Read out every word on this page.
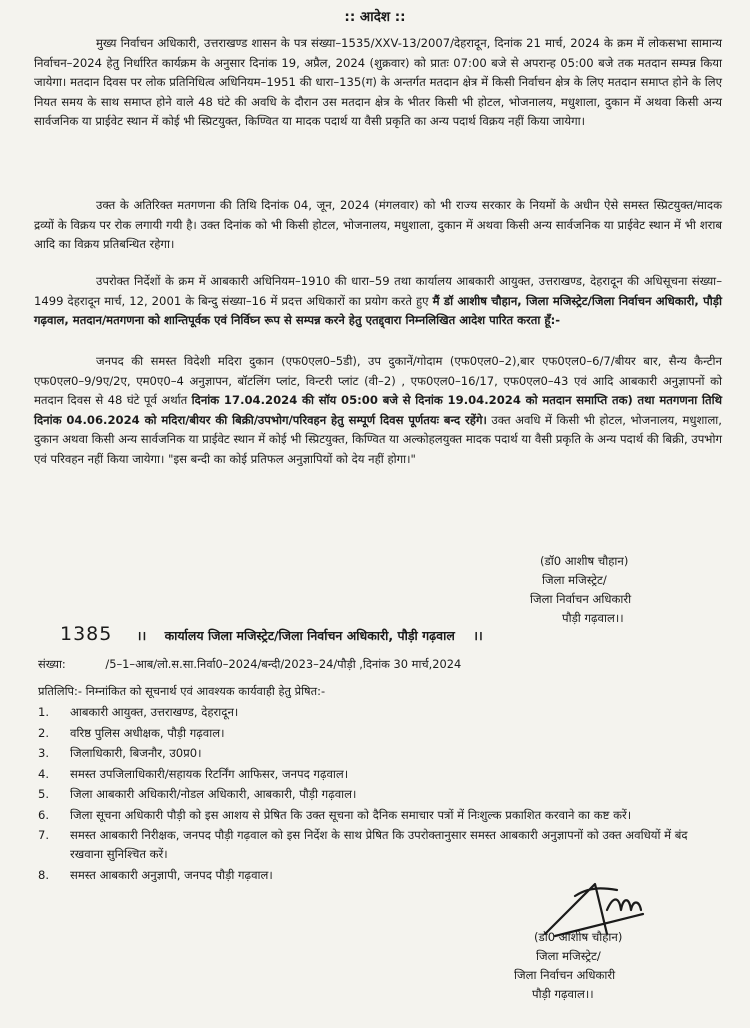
:: आदेश ::

मुख्य निर्वाचन अधिकारी, उत्तराखण्ड शासन के पत्र संख्या–1535/XXV-13/2007/देहरादून, दिनांक 21 मार्च, 2024 के क्रम में लोकसभा सामान्य निर्वाचन–2024 हेतु निर्धारित कार्यक्रम के अनुसार दिनांक 19, अप्रैल, 2024 (शुक्रवार) को प्रातः 07:00 बजे से अपरान्ह 05:00 बजे तक मतदान सम्पन्न किया जायेगा। मतदान दिवस पर लोक प्रतिनिधित्व अधिनियम–1951 की धारा–135(ग) के अन्तर्गत मतदान क्षेत्र में किसी निर्वाचन क्षेत्र के लिए मतदान समाप्त होने के लिए नियत समय के साथ समाप्त होने वाले 48 घंटे की अवधि के दौरान उस मतदान क्षेत्र के भीतर किसी भी होटल, भोजनालय, मधुशाला, दुकान में अथवा किसी अन्य सार्वजनिक या प्राईवेट स्थान में कोई भी स्प्रिटयुक्त, किण्वित या मादक पदार्थ या वैसी प्रकृति का अन्य पदार्थ विक्रय नहीं किया जायेगा।

उक्त के अतिरिक्त मतगणना की तिथि दिनांक 04, जून, 2024 (मंगलवार) को भी राज्य सरकार के नियमों के अधीन ऐसे समस्त स्प्रिटयुक्त/मादक द्रव्यों के विक्रय पर रोक लगायी गयी है। उक्त दिनांक को भी किसी होटल, भोजनालय, मधुशाला, दुकान में अथवा किसी अन्य सार्वजनिक या प्राईवेट स्थान में भी शराब आदि का विक्रय प्रतिबन्धित रहेगा।

उपरोक्त निर्देशों के क्रम में आबकारी अधिनियम–1910 की धारा–59 तथा कार्यालय आबकारी आयुक्त, उत्तराखण्ड, देहरादून की अधिसूचना संख्या–1499 देहरादून मार्च, 12, 2001 के बिन्दु संख्या–16 में प्रदत्त अधिकारों का प्रयोग करते हुए मैं डॉ आशीष चौहान, जिला मजिस्ट्रेट/जिला निर्वाचन अधिकारी, पौड़ी गढ़वाल, मतदान/मतगणना को शान्तिपूर्वक एवं निर्विघ्न रूप से सम्पन्न करने हेतु एतद्द्वारा निम्नलिखित आदेश पारित करता हूँ:-

जनपद की समस्त विदेशी मदिरा दुकान (एफ0एल0–5डी), उप दुकानें/गोदाम (एफ0एल0–2),बार एफ0एल0–6/7/बीयर बार, सैन्य कैन्टीन एफ0एल0–9/9ए/2ए, एम0ए0–4 अनुज्ञापन, बॉटलिंग प्लांट, विन्टरी प्लांट (वी–2) , एफ0एल0–16/17, एफ0एल0–43 एवं आदि आबकारी अनुज्ञापनों को मतदान दिवस से 48 घंटे पूर्व अर्थात दिनांक 17.04.2024 की सॉय 05:00 बजे से दिनांक 19.04.2024 को मतदान समाप्ति तक) तथा मतगणना तिथि दिनांक 04.06.2024 को मदिरा/बीयर की बिक्री/उपभोग/परिवहन हेतु सम्पूर्ण दिवस पूर्णतयः बन्द रहेंगे। उक्त अवधि में किसी भी होटल, भोजनालय, मधुशाला, दुकान अथवा किसी अन्य सार्वजनिक या प्राईवेट स्थान में कोई भी स्प्रिटयुक्त, किण्वित या अल्कोहलयुक्त मादक पदार्थ या वैसी प्रकृति के अन्य पदार्थ की बिक्री, उपभोग एवं परिवहन नहीं किया जायेगा। "इस बन्दी का कोई प्रतिफल अनुज्ञापियों को देय नहीं होगा।"

(डॉ0 आशीष चौहान)
जिला मजिस्ट्रेट/
जिला निर्वाचन अधिकारी
पौड़ी गढ़वाल।।
1385 ।। कार्यालय जिला मजिस्ट्रेट/जिला निर्वाचन अधिकारी, पौड़ी गढ़वाल ।।
संख्या:	/5–1–आब/लो.स.सा.निर्वा0–2024/बन्दी/2023–24/पौड़ी ,दिनांक 30 मार्च,2024
प्रतिलिपि:- निम्नांकित को सूचनार्थ एवं आवश्यक कार्यवाही हेतु प्रेषित:-
1.	आबकारी आयुक्त, उत्तराखण्ड, देहरादून।
2.	वरिष्ठ पुलिस अधीक्षक, पौड़ी गढ़वाल।
3.	जिलाधिकारी, बिजनौर, उ0प्र0।
4.	समस्त उपजिलाधिकारी/सहायक रिटर्निंग आफिसर, जनपद गढ़वाल।
5.	जिला आबकारी अधिकारी/नोडल अधिकारी, आबकारी, पौड़ी गढ़वाल।
6.	जिला सूचना अधिकारी पौड़ी को इस आशय से प्रेषित कि उक्त सूचना को दैनिक समाचार पत्रों में निःशुल्क प्रकाशित करवाने का कष्ट करें।
7.	समस्त आबकारी निरीक्षक, जनपद पौड़ी गढ़वाल को इस निर्देश के साथ प्रेषित कि उपरोक्तानुसार समस्त आबकारी अनुज्ञापनों को उक्त अवधियों में बंद रखवाना सुनिश्चित करें।
8.	समस्त आबकारी अनुज्ञापी, जनपद पौड़ी गढ़वाल।
(डॉ0 आशीष चौहान)
जिला मजिस्ट्रेट/
जिला निर्वाचन अधिकारी
पौड़ी गढ़वाल।।
